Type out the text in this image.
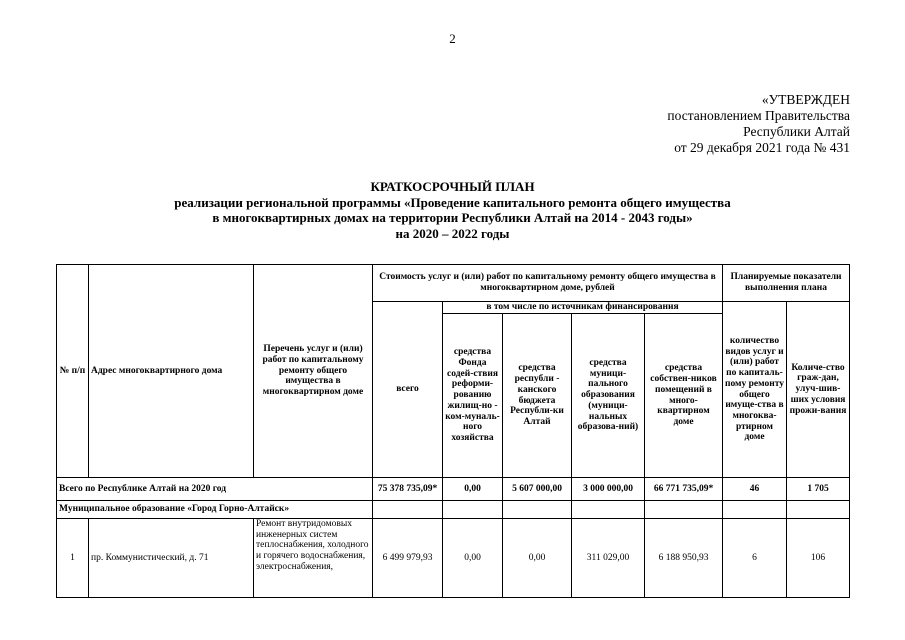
2
«УТВЕРЖДЕН
постановлением Правительства
Республики Алтай
от 29 декабря 2021 года № 431
КРАТКОСРОЧНЫЙ ПЛАН
реализации региональной программы «Проведение капитального ремонта общего имущества
в многоквартирных домах на территории Республики Алтай на 2014 - 2043 годы»
на 2020 – 2022 годы
№ п/п	Адрес многоквартирного дома	Перечень услуг и (или) работ по капитальному ремонту общего имущества в многоквартирном доме	Стоимость услуг и (или) работ по капитальному ремонту общего имущества в многоквартирном доме, рублей					Планируемые показатели выполнения плана	
			всего	в том числе по источникам финансирования				количество видов услуг и (или) работ по капиталь-пому ремонту общего имуще-ства в многоква-ртирном доме	Количе-ство граж-дан, улуч-шив-ших условия прожи-вания
				средства Фонда содей-ствия реформи-рованию жилищ-но - ком-муналь-ного хозяйства	средства республи - канского бюджета Республи-ки Алтай	средства муници-пального образования (муници-нальных образова-ний)	средства собствен-ников помещений в много-квартирном доме		
Всего по Республике Алтай на 2020 год			75 378 735,09*	0,00	5 607 000,00	3 000 000,00	66 771 735,09*	46	1 705
Муниципальное образование «Город Горно-Алтайск»									
1	пр. Коммунистический, д. 71	Ремонт внутридомовых инженерных систем теплоснабжения, холодного и горячего водоснабжения, электроснабжения,	6 499 979,93	0,00	0,00	311 029,00	6 188 950,93	6	106
